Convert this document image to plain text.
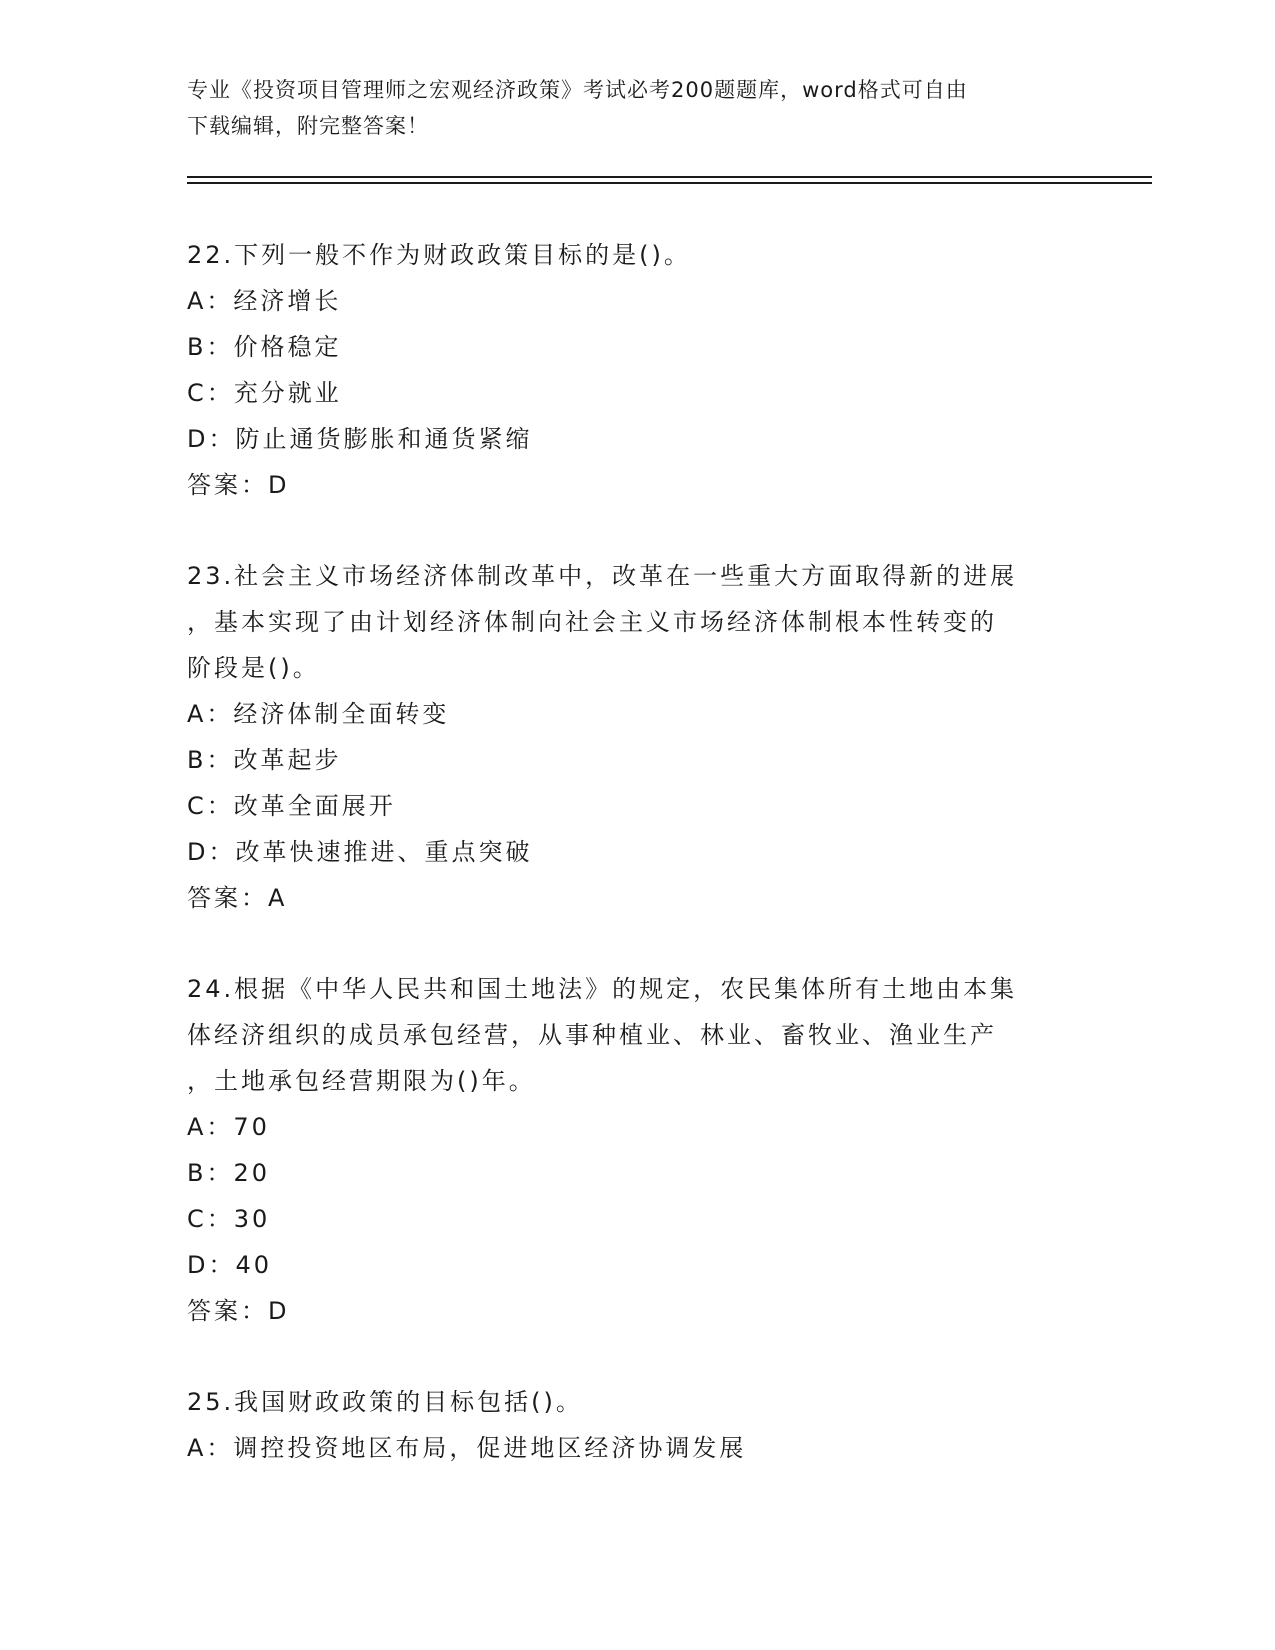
专业《投资项目管理师之宏观经济政策》考试必考200题题库，word格式可自由
下载编辑，附完整答案！
22.下列一般不作为财政政策目标的是()。
A：经济增长
B：价格稳定
C：充分就业
D：防止通货膨胀和通货紧缩
答案：D
23.社会主义市场经济体制改革中，改革在一些重大方面取得新的进展
，基本实现了由计划经济体制向社会主义市场经济体制根本性转变的
阶段是()。
A：经济体制全面转变
B：改革起步
C：改革全面展开
D：改革快速推进、重点突破
答案：A
24.根据《中华人民共和国土地法》的规定，农民集体所有土地由本集
体经济组织的成员承包经营，从事种植业、林业、畜牧业、渔业生产
，土地承包经营期限为()年。
A：70
B：20
C：30
D：40
答案：D
25.我国财政政策的目标包括()。
A：调控投资地区布局，促进地区经济协调发展
